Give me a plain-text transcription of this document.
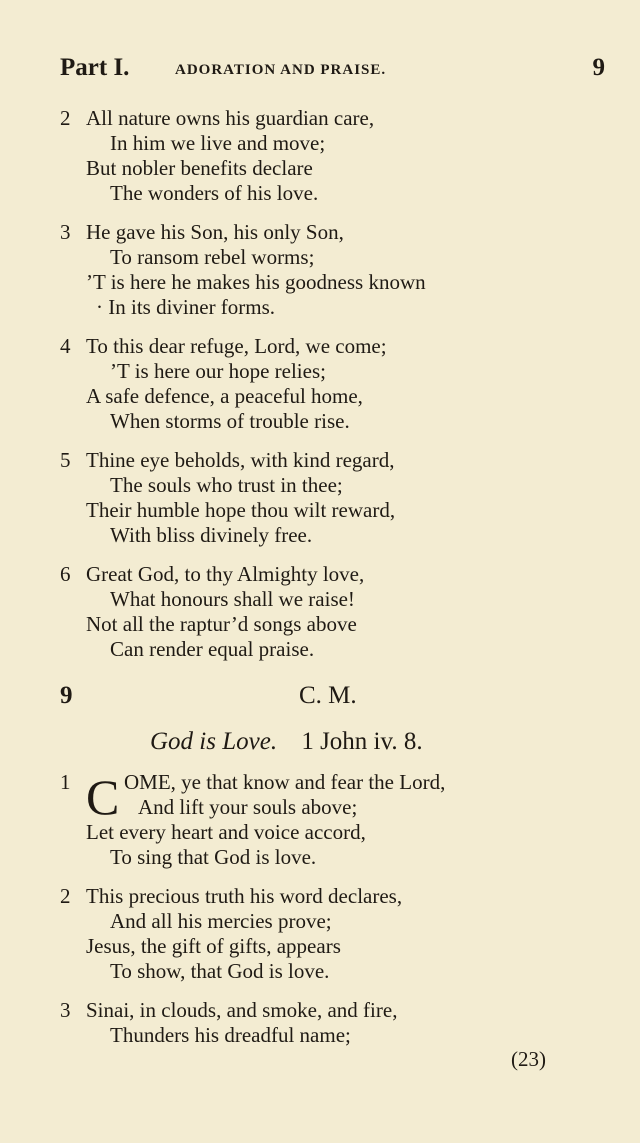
Part I.	ADORATION AND PRAISE.	9
2 All nature owns his guardian care,
In him we live and move;
But nobler benefits declare
The wonders of his love.
3 He gave his Son, his only Son,
To ransom rebel worms;
’T is here he makes his goodness known
· In its diviner forms.
4 To this dear refuge, Lord, we come;
’T is here our hope relies;
A safe defence, a peaceful home,
When storms of trouble rise.
5 Thine eye beholds, with kind regard,
The souls who trust in thee;
Their humble hope thou wilt reward,
With bliss divinely free.
6 Great God, to thy Almighty love,
What honours shall we raise!
Not all the raptur’d songs above
Can render equal praise.
9	C. M.
God is Love. 1 John iv. 8.
1 C OME, ye that know and fear the Lord,
And lift your souls above;
Let every heart and voice accord,
To sing that God is love.
2 This precious truth his word declares,
And all his mercies prove;
Jesus, the gift of gifts, appears
To show, that God is love.
3 Sinai, in clouds, and smoke, and fire,
Thunders his dreadful name;
(23)
